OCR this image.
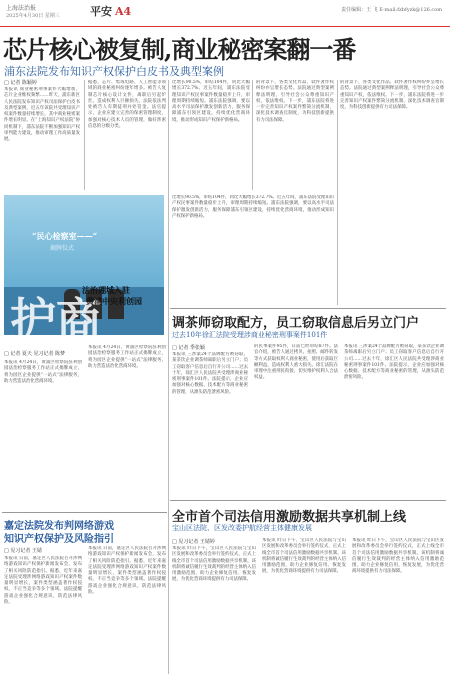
上海法治报
2025年4月30日 星期三	平安 A4	责任编辑：王 飞 E-mail:fzbfyzk@126.com
芯片核心被复制,商业秘密案翻一番
浦东法院发布知识产权保护白皮书及典型案例
□ 记者 陈颖婷
本报讯 商业秘密刑事案件大幅增加，芯片企业维权频繁……昨天，浦东新区人民法院发布知识产权司法保护白皮书及典型案例，近五年该院共受理知识产权案件数量持续增长，其中商业秘密案件增长明显。在“上海知识产权法院”协同机制下，浦东法院不断加强知识产权审判能力建设，推动审理工作高质量发展。
据悉，芯片、集成电路、人工智能等领域的商业秘密纠纷逐年增多。被告人复制芯片核心设计文件，离职后另起炉灶，造成权利人巨额损失。法院依法判处被告人有期徒刑并处罚金。法官提示，企业应建立完善的保密管理制度，加强对核心技术人员的管理，做好涉密信息的分级分类。
比增长90.5%，审结104件，同比大幅增长372.7%。近五年间，浦东法院受理知识产权民事案件数量稳步上升，审理周期持续缩短。浦东法院强调，要以高水平司法保护激发创新活力，服务保障浦东引领区建设，持续优化营商环境，推动形成知识产权保护新格局。
的背景下，各类文化作品、软件著作权纠纷亦呈增长态势。法院通过典型案例释法明理，引导社会公众尊重知识产权，依法维权。下一步，浦东法院将进一步完善知识产权案件繁简分流机制，深化技术调查官制度，为科技创新提供有力司法保障。
的背景下，各类文化作品、软件著作权纠纷亦呈增长态势。法院通过典型案例释法明理，引导社会公众尊重知识产权，依法维权。下一步，浦东法院将进一步完善知识产权案件繁简分流机制，深化技术调查官制度，为科技创新提供有力司法保障。
比增长90.5%，审结104件，同比大幅增长372.7%。近五年间，浦东法院受理知识产权民事案件数量稳步上升，审理周期持续缩短。浦东法院强调，要以高水平司法保护激发创新活力，服务保障浦东引领区建设，持续优化营商环境，推动形成知识产权保护新格局。
“民心检察室——“
揭牌仪式
护商
法治硼城入驻
黄浦中央利创园
□ 记者 夏天 见习记者 陈梦
本报讯 4月24日，黄浦区检察院驻利创园法治检察服务工作站正式揭牌成立，将为园区企业提供“一站式”法律服务，助力营造法治化营商环境。
本报讯 4月24日，黄浦区检察院驻利创园法治检察服务工作站正式揭牌成立，将为园区企业提供“一站式”法律服务，助力营造法治化营商环境。
调茶师窃取配方，员工窃取信息后另立门户
过去10年徐汇法院受理涉商业秘密刑事案件101件
□ 记者 季张颖
本报讯 三涉案24个品牌配方被窃取，某茶饮企业调茶师离职后另立门户；员工窃取客户信息后自行开公司……过去十年，徐汇区人民法院共受理涉商业秘密刑事案件101件。法院提示，企业应加强对核心数据、技术配方等商业秘密的管理，从源头防范泄密风险。
的民事案件95件，日前已经审结87件。法官介绍，被告人通过拷贝、拍照、邮件转发等方式获取权利人商业秘密，使用后获取巨额利益，造成权利人重大损失。徐汇法院在审理中注重刑民衔接，切实维护权利人合法权益。
本报讯 三涉案24个品牌配方被窃取，某茶饮企业调茶师离职后另立门户；员工窃取客户信息后自行开公司……过去十年，徐汇区人民法院共受理涉商业秘密刑事案件101件。法院提示，企业应加强对核心数据、技术配方等商业秘密的管理，从源头防范泄密风险。
嘉定法院发布判网络游戏
知识产权保护及风险指引
□ 见习记者 王婧
本报讯 日前，嘉定区人民法院召开涉网络游戏知识产权保护新闻发布会，发布了相关风险防范指引。据悉，近年来嘉定法院受理涉网络游戏知识产权案件数量明显增长，案件类型涵盖著作权侵权、不正当竞争等多个领域。法院提醒游戏企业强化合规意识，防范法律风险。
本报讯 日前，嘉定区人民法院召开涉网络游戏知识产权保护新闻发布会，发布了相关风险防范指引。据悉，近年来嘉定法院受理涉网络游戏知识产权案件数量明显增长，案件类型涵盖著作权侵权、不正当竞争等多个领域。法院提醒游戏企业强化合规意识，防范法律风险。
全市首个司法信用激励数据共享机制上线
宝山区法院、区发改委护航经营主体健康发展
□ 见习记者 王婧婷
本报讯 昨日下午，宝山区人民法院与宝山区发展和改革委员会举行签约仪式，正式上线全市首个司法信用激励数据共享机制。该机制将诚信履行生效裁判的经营主体纳入信用激励范围，助力企业修复信用、恢复发展，为优化营商环境提供有力司法保障。
本报讯 昨日下午，宝山区人民法院与宝山区发展和改革委员会举行签约仪式，正式上线全市首个司法信用激励数据共享机制。该机制将诚信履行生效裁判的经营主体纳入信用激励范围，助力企业修复信用、恢复发展，为优化营商环境提供有力司法保障。
本报讯 昨日下午，宝山区人民法院与宝山区发展和改革委员会举行签约仪式，正式上线全市首个司法信用激励数据共享机制。该机制将诚信履行生效裁判的经营主体纳入信用激励范围，助力企业修复信用、恢复发展，为优化营商环境提供有力司法保障。
